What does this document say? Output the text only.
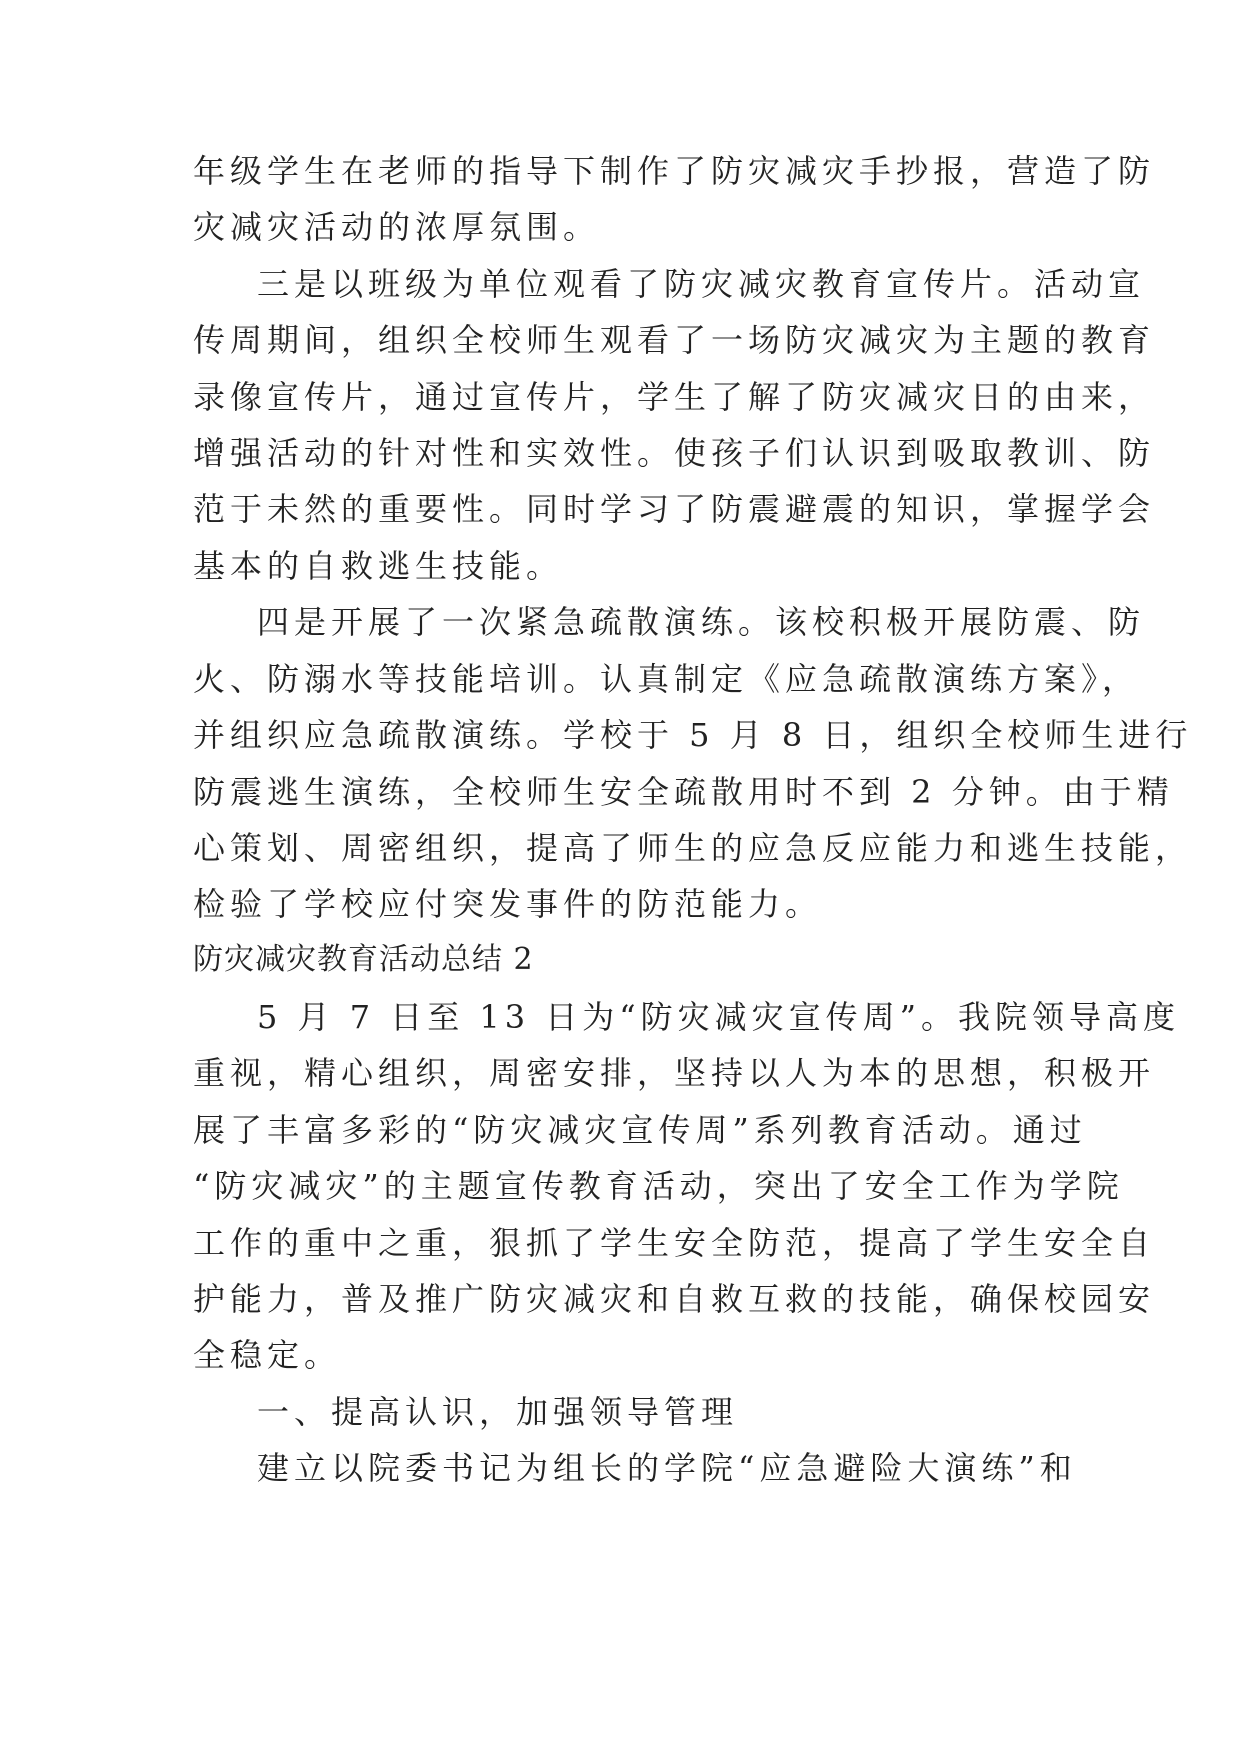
年级学生在老师的指导下制作了防灾减灾手抄报，营造了防
灾减灾活动的浓厚氛围。
三是以班级为单位观看了防灾减灾教育宣传片。活动宣
传周期间，组织全校师生观看了一场防灾减灾为主题的教育
录像宣传片，通过宣传片，学生了解了防灾减灾日的由来，
增强活动的针对性和实效性。使孩子们认识到吸取教训、防
范于未然的重要性。同时学习了防震避震的知识，掌握学会
基本的自救逃生技能。
四是开展了一次紧急疏散演练。该校积极开展防震、防
火、防溺水等技能培训。认真制定《应急疏散演练方案》，
并组织应急疏散演练。学校于 5 月 8 日，组织全校师生进行
防震逃生演练，全校师生安全疏散用时不到 2 分钟。由于精
心策划、周密组织，提高了师生的应急反应能力和逃生技能，
检验了学校应付突发事件的防范能力。
防灾减灾教育活动总结 2
5 月 7 日至 13 日为“防灾减灾宣传周”。我院领导高度
重视，精心组织，周密安排，坚持以人为本的思想，积极开
展了丰富多彩的“防灾减灾宣传周”系列教育活动。通过
“防灾减灾”的主题宣传教育活动，突出了安全工作为学院
工作的重中之重，狠抓了学生安全防范，提高了学生安全自
护能力，普及推广防灾减灾和自救互救的技能，确保校园安
全稳定。
一、提高认识，加强领导管理
建立以院委书记为组长的学院“应急避险大演练”和
